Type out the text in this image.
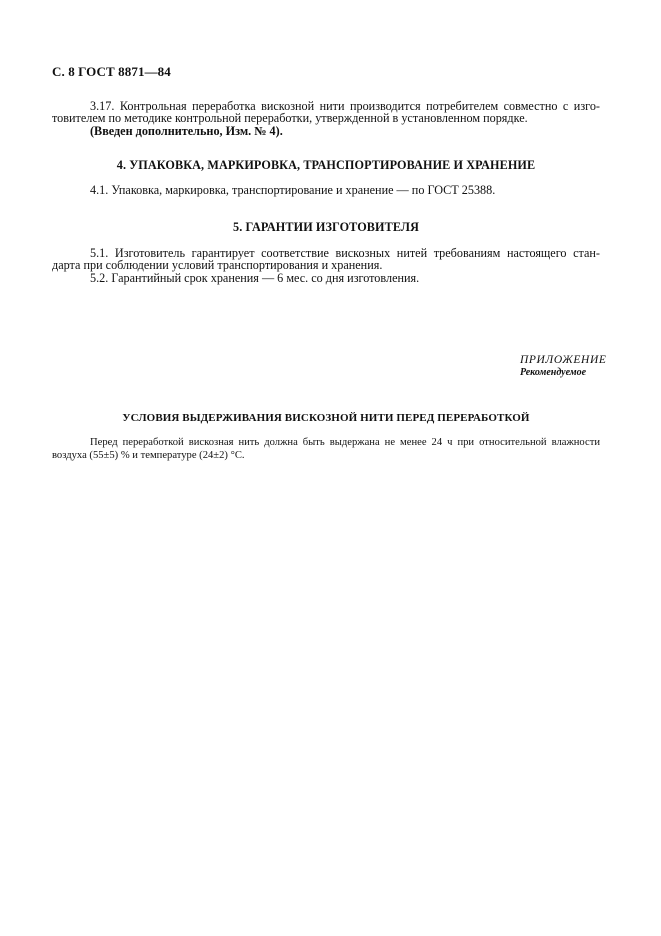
С. 8 ГОСТ 8871—84
3.17. Контрольная переработка вискозной нити производится потребителем совместно с изго-
товителем по методике контрольной переработки, утвержденной в установленном порядке.
(Введен дополнительно, Изм. № 4).
4. УПАКОВКА, МАРКИРОВКА, ТРАНСПОРТИРОВАНИЕ И ХРАНЕНИЕ
4.1. Упаковка, маркировка, транспортирование и хранение — по ГОСТ 25388.
5. ГАРАНТИИ ИЗГОТОВИТЕЛЯ
5.1. Изготовитель гарантирует соответствие вискозных нитей требованиям настоящего стан-
дарта при соблюдении условий транспортирования и хранения.
5.2. Гарантийный срок хранения — 6 мес. со дня изготовления.
ПРИЛОЖЕНИЕ
Рекомендуемое
УСЛОВИЯ ВЫДЕРЖИВАНИЯ ВИСКОЗНОЙ НИТИ ПЕРЕД ПЕРЕРАБОТКОЙ
Перед переработкой вискозная нить должна быть выдержана не менее 24 ч при относительной влажности
воздуха (55±5) % и температуре (24±2) °С.
